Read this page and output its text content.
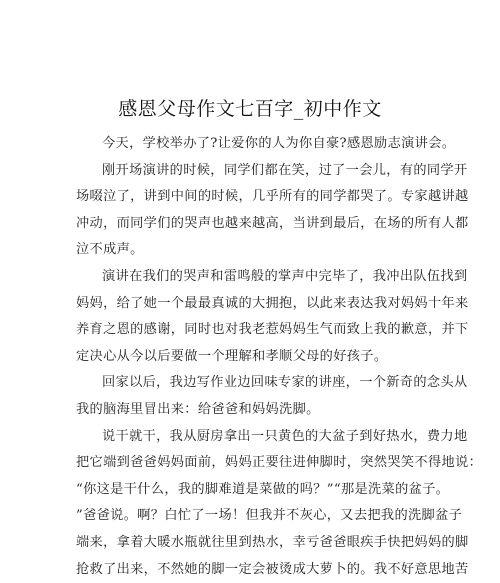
感恩父母作文七百字_初中作文
今天，学校举办了?让爱你的人为你自豪?感恩励志演讲会。
刚开场演讲的时候，同学们都在笑，过了一会儿，有的同学开
场啜泣了，讲到中间的时候，几乎所有的同学都哭了。专家越讲越
冲动，而同学们的哭声也越来越高，当讲到最后，在场的所有人都
泣不成声。
演讲在我们的哭声和雷鸣般的掌声中完毕了，我冲出队伍找到
妈妈，给了她一个最最真诚的大拥抱，以此来表达我对妈妈十年来
养育之恩的感谢，同时也对我老惹妈妈生气而致上我的歉意，并下
定决心从今以后要做一个理解和孝顺父母的好孩子。
回家以后，我边写作业边回味专家的讲座，一个新奇的念头从
我的脑海里冒出来：给爸爸和妈妈洗脚。
说干就干，我从厨房拿出一只黄色的大盆子到好热水，费力地
把它端到爸爸妈妈面前，妈妈正要往进伸脚时，突然哭笑不得地说：
“你这是干什么，我的脚难道是菜做的吗？”“那是洗菜的盆子。
”爸爸说。啊？白忙了一场！但我并不灰心，又去把我的洗脚盆子
端来，拿着大暖水瓶就往里到热水，幸亏爸爸眼疾手快把妈妈的脚
抢救了出来，不然她的脚一定会被烫成大萝卜的。我不好意思地苦
